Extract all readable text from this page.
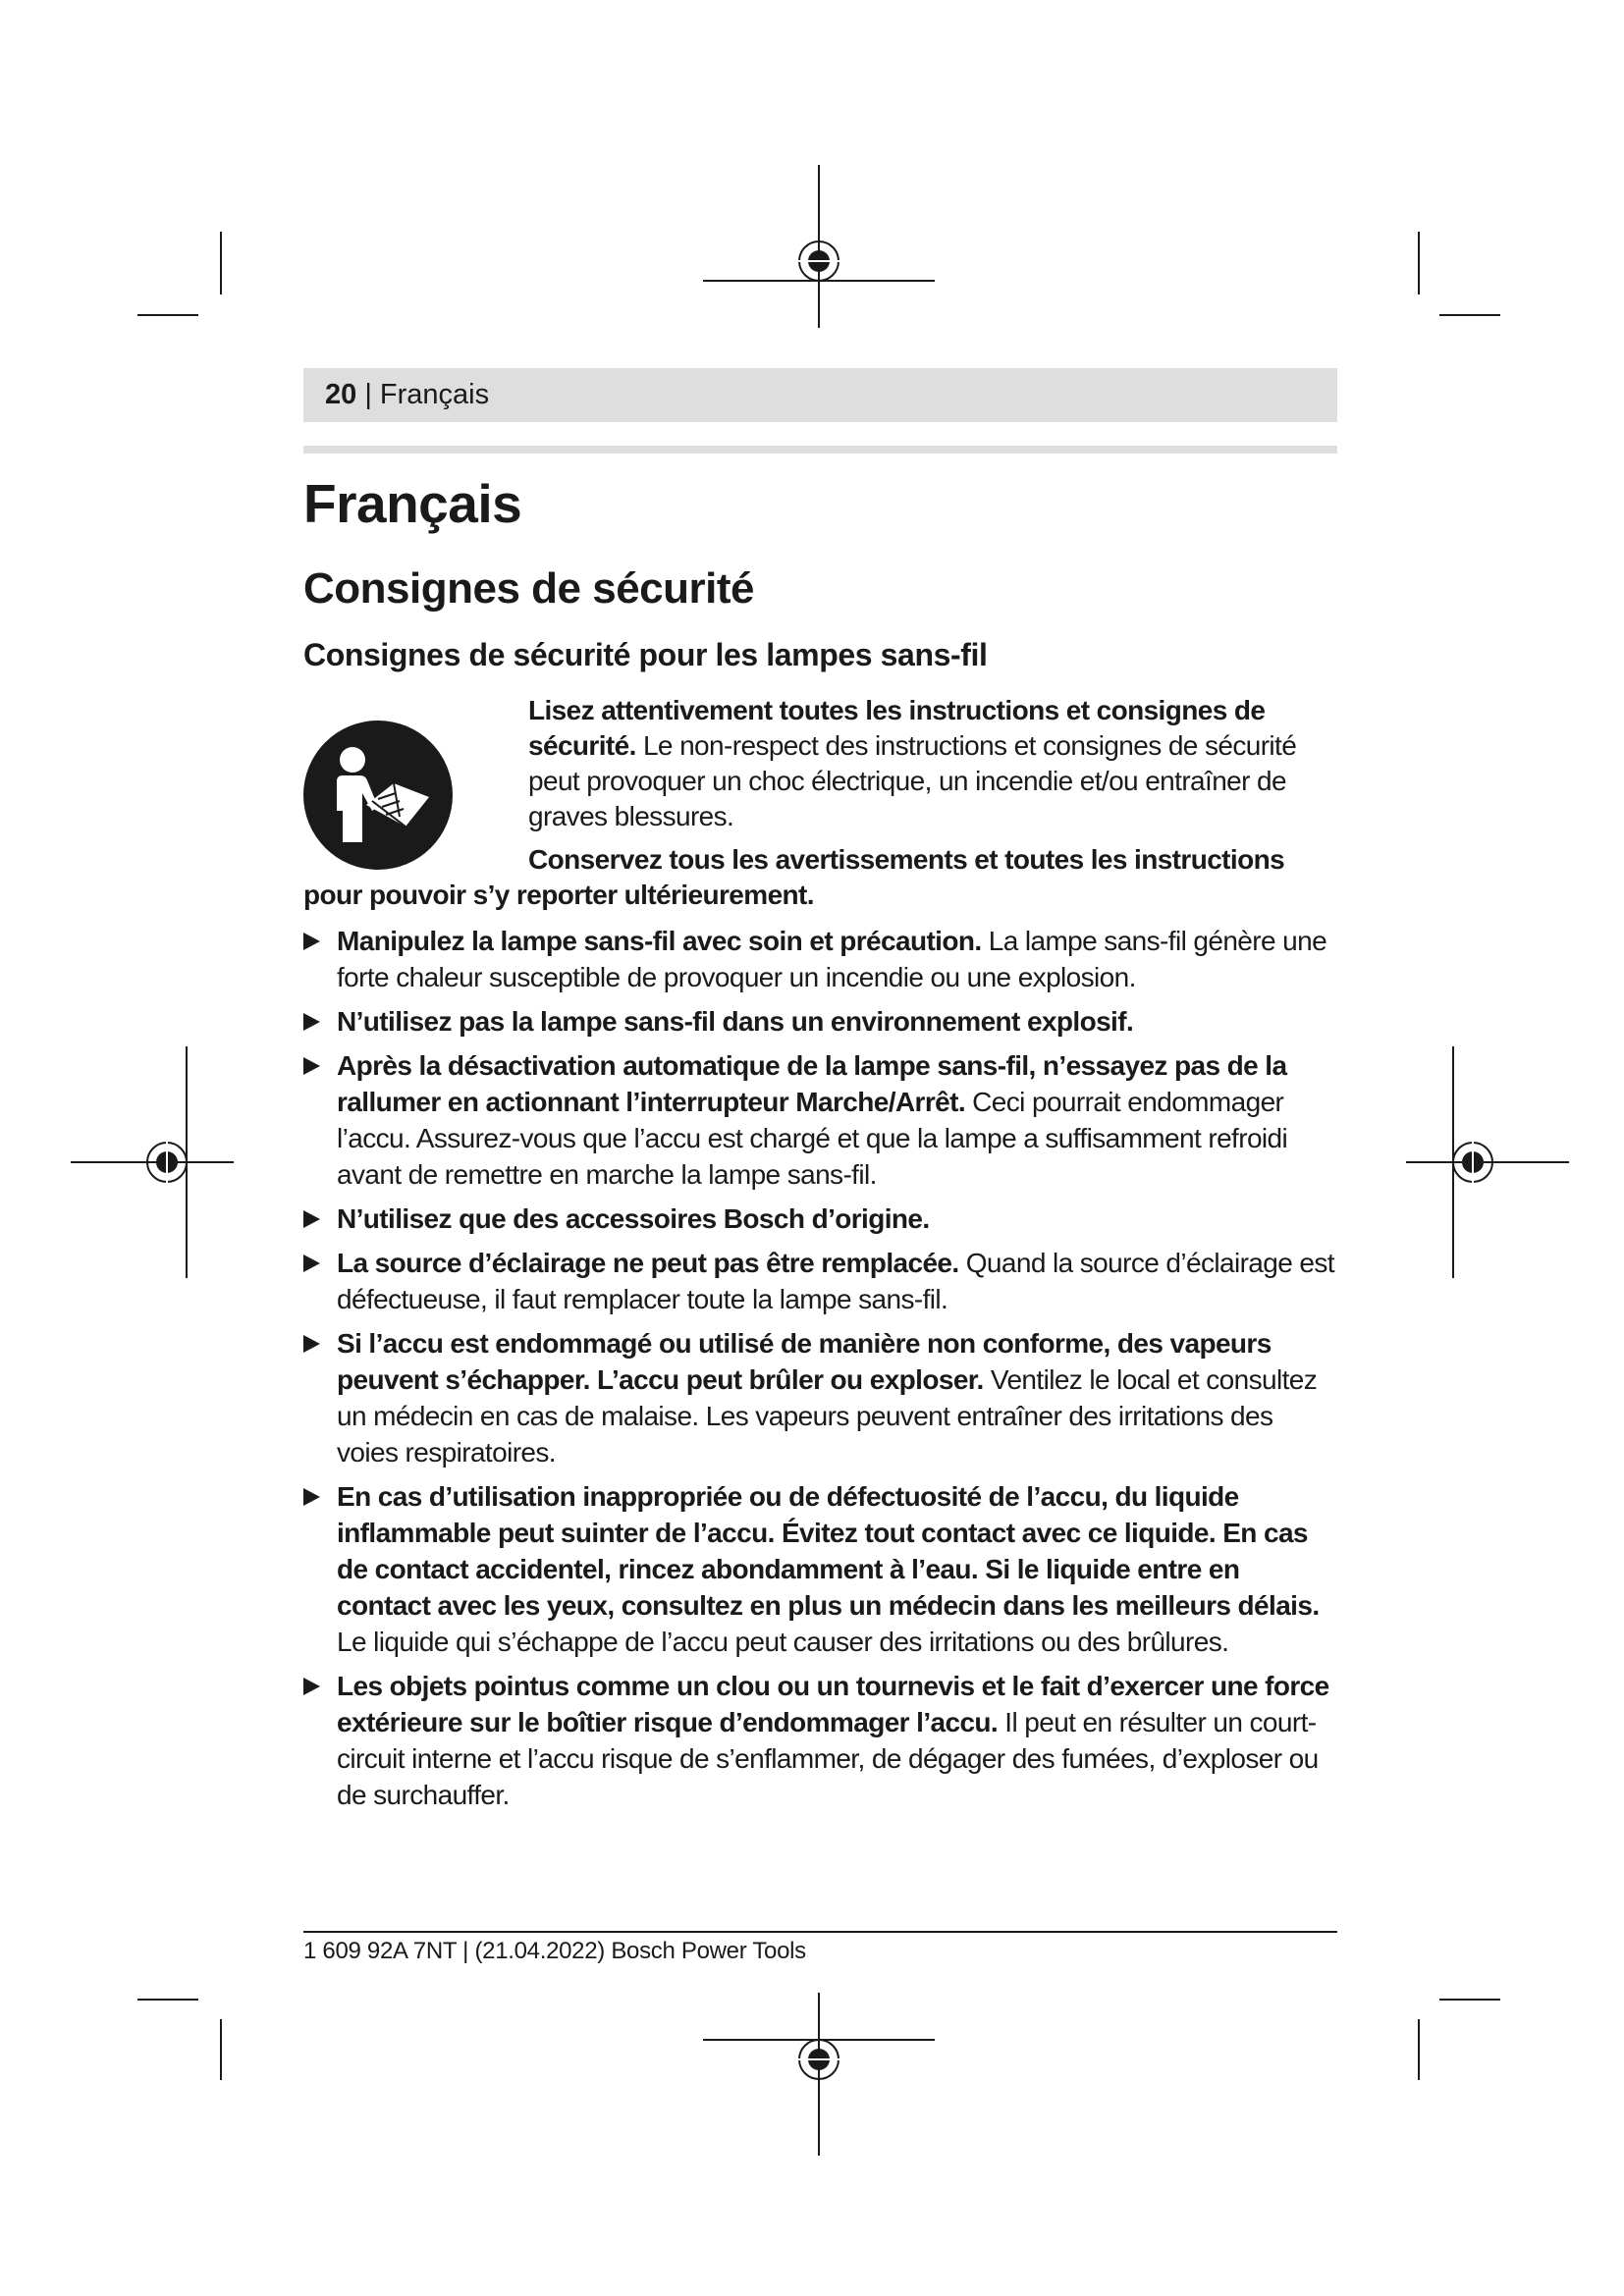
20 | Français
Français
Consignes de sécurité
Consignes de sécurité pour les lampes sans-fil

Lisez attentivement toutes les instructions et consignes de sécurité. Le non-respect des instructions et consignes de sécurité peut provoquer un choc électrique, un incendie et/ou entraîner de graves blessures.

Conservez tous les avertissements et toutes les instructions pour pouvoir s’y reporter ultérieurement.

Manipulez la lampe sans-fil avec soin et précaution. La lampe sans-fil génère une forte chaleur susceptible de provoquer un incendie ou une explosion.
N’utilisez pas la lampe sans-fil dans un environnement explosif.
Après la désactivation automatique de la lampe sans-fil, n’essayez pas de la rallumer en actionnant l’interrupteur Marche/Arrêt. Ceci pourrait endommager l’accu. Assurez-vous que l’accu est chargé et que la lampe a suffisamment refroidi avant de remettre en marche la lampe sans-fil.
N’utilisez que des accessoires Bosch d’origine.
La source d’éclairage ne peut pas être remplacée. Quand la source d’éclairage est défectueuse, il faut remplacer toute la lampe sans-fil.
Si l’accu est endommagé ou utilisé de manière non conforme, des vapeurs peuvent s’échapper. L’accu peut brûler ou exploser. Ventilez le local et consultez un médecin en cas de malaise. Les vapeurs peuvent entraîner des irritations des voies respiratoires.
En cas d’utilisation inappropriée ou de défectuosité de l’accu, du liquide inflammable peut suinter de l’accu. Évitez tout contact avec ce liquide. En cas de contact accidentel, rincez abondamment à l’eau. Si le liquide entre en contact avec les yeux, consultez en plus un médecin dans les meilleurs délais. Le liquide qui s’échappe de l’accu peut causer des irritations ou des brûlures.
Les objets pointus comme un clou ou un tournevis et le fait d’exercer une force extérieure sur le boîtier risque d’endommager l’accu. Il peut en résulter un court-circuit interne et l’accu risque de s’enflammer, de dégager des fumées, d’exploser ou de surchauffer.
1 609 92A 7NT | (21.04.2022) Bosch Power Tools
